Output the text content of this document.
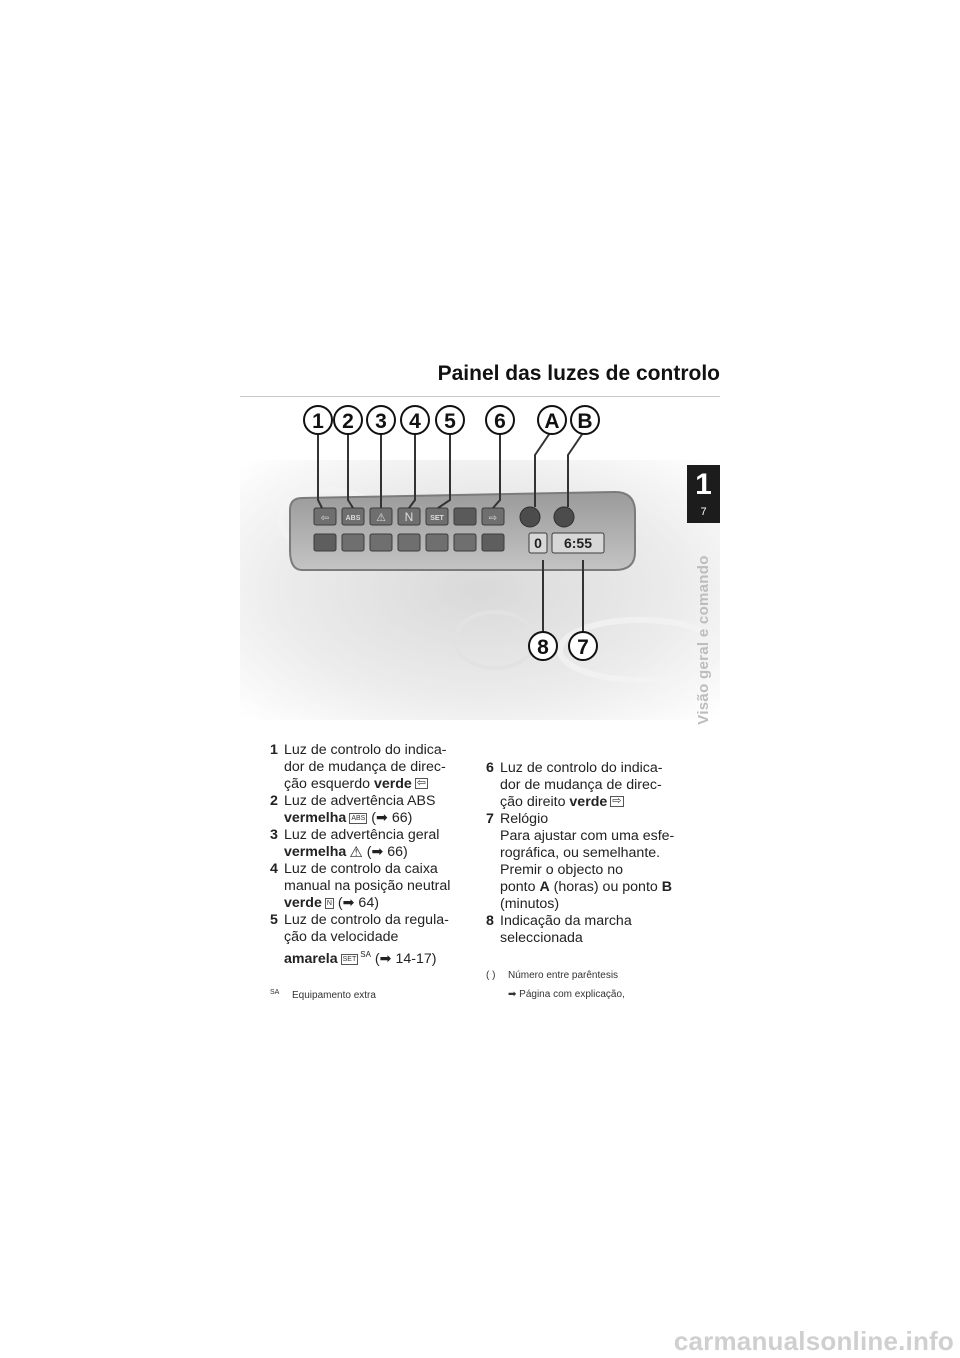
Painel das luzes de controlo
⇦ ABS ⚠ N SET	⇨
0 6:55
1 2 3 4 5 6 A B
8 7
1
7
Visão geral e comando
1 Luz de controlo do indica-
dor de mudança de direc-
ção esquerdo verde ⇦
2 Luz de advertência ABS
vermelha ABS (➡ 66)
3 Luz de advertência geral
vermelha ⚠ (➡ 66)
4 Luz de controlo da caixa
manual na posição neutral
verde N (➡ 64)
5 Luz de controlo da regula-
ção da velocidade
amarela $SET^{SA}$ (➡ 14-17)
6 Luz de controlo do indica-
dor de mudança de direc-
ção direito verde ⇨
7 Relógio
Para ajustar com uma esfe-
rográfica, ou semelhante.
Premir o objecto no
ponto A (horas) ou ponto B
(minutos)
8 Indicação da marcha
seleccionada
( ) Número entre parêntesis
SA Equipamento extra	➡ Página com explicação,
carmanualsonline.info
